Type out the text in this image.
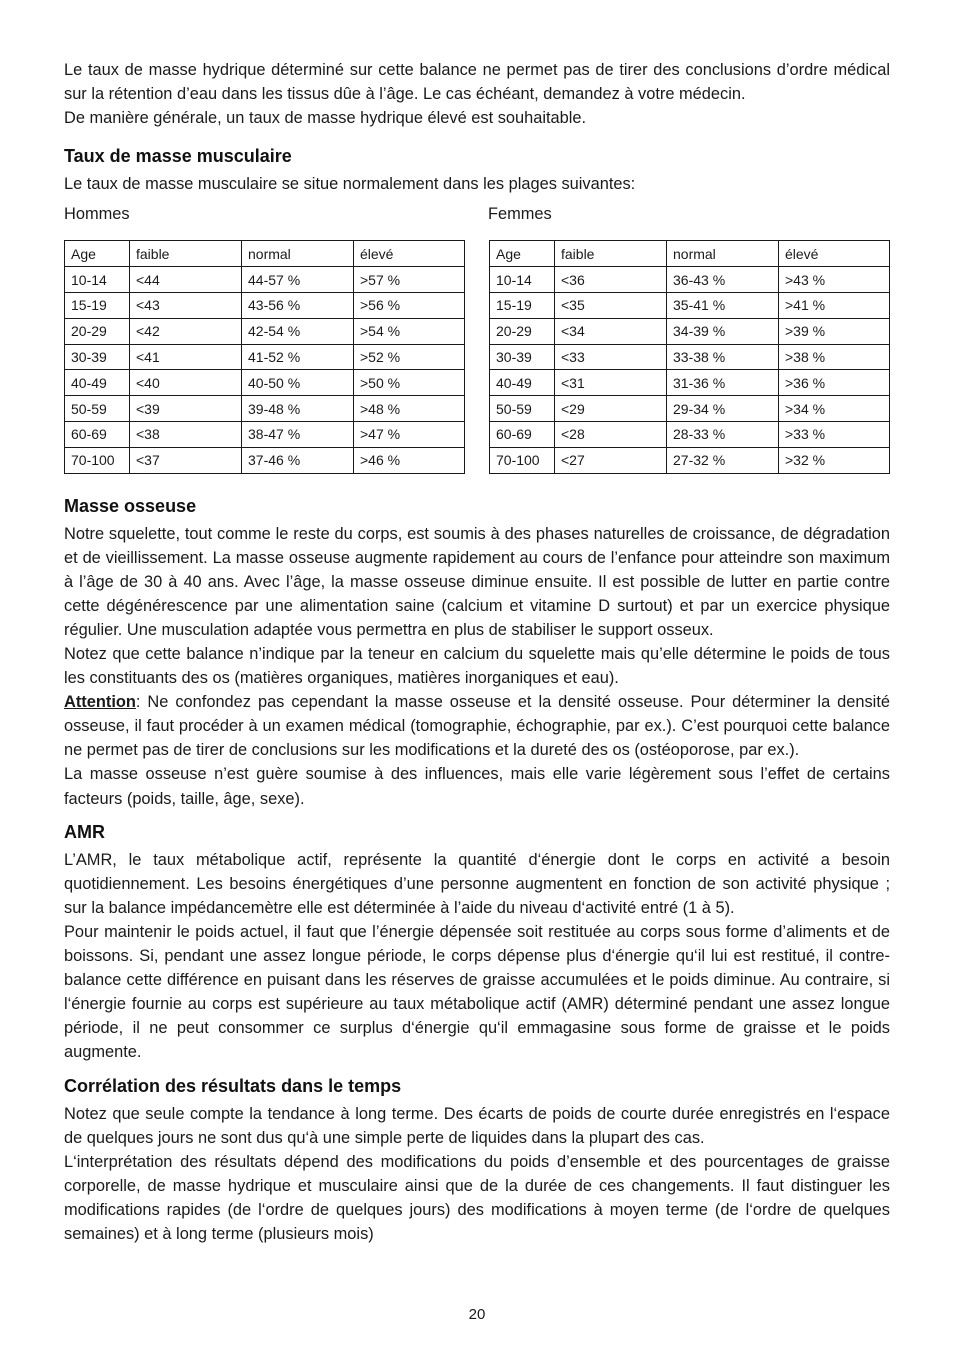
Le taux de masse hydrique déterminé sur cette balance ne permet pas de tirer des conclusions d’ordre médical sur la rétention d’eau dans les tissus dûe à l’âge. Le cas échéant, demandez à votre médecin.

De manière générale, un taux de masse hydrique élevé est souhaitable.

Taux de masse musculaire

Le taux de masse musculaire se situe normalement dans les plages suivantes:

Hommes	Femmes
Age	faible	normal	élevé
10-14	<44	44-57 %	>57 %
15-19	<43	43-56 %	>56 %
20-29	<42	42-54 %	>54 %
30-39	<41	41-52 %	>52 %
40-49	<40	40-50 %	>50 %
50-59	<39	39-48 %	>48 %
60-69	<38	38-47 %	>47 %
70-100	<37	37-46 %	>46 %
Age	faible	normal	élevé
10-14	<36	36-43 %	>43 %
15-19	<35	35-41 %	>41 %
20-29	<34	34-39 %	>39 %
30-39	<33	33-38 %	>38 %
40-49	<31	31-36 %	>36 %
50-59	<29	29-34 %	>34 %
60-69	<28	28-33 %	>33 %
70-100	<27	27-32 %	>32 %
Masse osseuse

Notre squelette, tout comme le reste du corps, est soumis à des phases naturelles de croissance, de dégradation et de vieillissement. La masse osseuse augmente rapidement au cours de l’enfance pour atteindre son maximum à l’âge de 30 à 40 ans. Avec l’âge, la masse osseuse diminue ensuite. Il est possible de lutter en partie contre cette dégénérescence par une alimentation saine (calcium et vitamine D surtout) et par un exercice physique régulier. Une musculation adaptée vous permettra en plus de stabiliser le support osseux.

Notez que cette balance n’indique par la teneur en calcium du squelette mais qu’elle détermine le poids de tous les constituants des os (matières organiques, matières inorganiques et eau).

Attention: Ne confondez pas cependant la masse osseuse et la densité osseuse. Pour déterminer la densité osseuse, il faut procéder à un examen médical (tomographie, échographie, par ex.). C’est pourquoi cette balance ne permet pas de tirer de conclusions sur les modifications et la dureté des os (ostéoporose, par ex.).

La masse osseuse n’est guère soumise à des influences, mais elle varie légèrement sous l’effet de certains facteurs (poids, taille, âge, sexe).

AMR

L’AMR, le taux métabolique actif, représente la quantité d‘énergie dont le corps en activité a besoin quotidiennement. Les besoins énergétiques d’une personne augmentent en fonction de son activité physique ; sur la balance impédancemètre elle est déterminée à l’aide du niveau d‘activité entré (1 à 5).

Pour maintenir le poids actuel, il faut que l’énergie dépensée soit restituée au corps sous forme d’aliments et de boissons. Si, pendant une assez longue période, le corps dépense plus d‘énergie qu‘il lui est restitué, il contre-balance cette différence en puisant dans les réserves de graisse accumulées et le poids diminue. Au contraire, si l‘énergie fournie au corps est supérieure au taux métabolique actif (AMR) déterminé pendant une assez longue période, il ne peut consommer ce surplus d‘énergie qu‘il emmagasine sous forme de graisse et le poids augmente.

Corrélation des résultats dans le temps

Notez que seule compte la tendance à long terme. Des écarts de poids de courte durée enregistrés en l‘espace de quelques jours ne sont dus qu‘à une simple perte de liquides dans la plupart des cas.

L‘interprétation des résultats dépend des modifications du poids d’ensemble et des pourcentages de graisse corporelle, de masse hydrique et musculaire ainsi que de la durée de ces changements. Il faut distinguer les modifications rapides (de l‘ordre de quelques jours) des modifications à moyen terme (de l‘ordre de quelques semaines) et à long terme (plusieurs mois)

20
